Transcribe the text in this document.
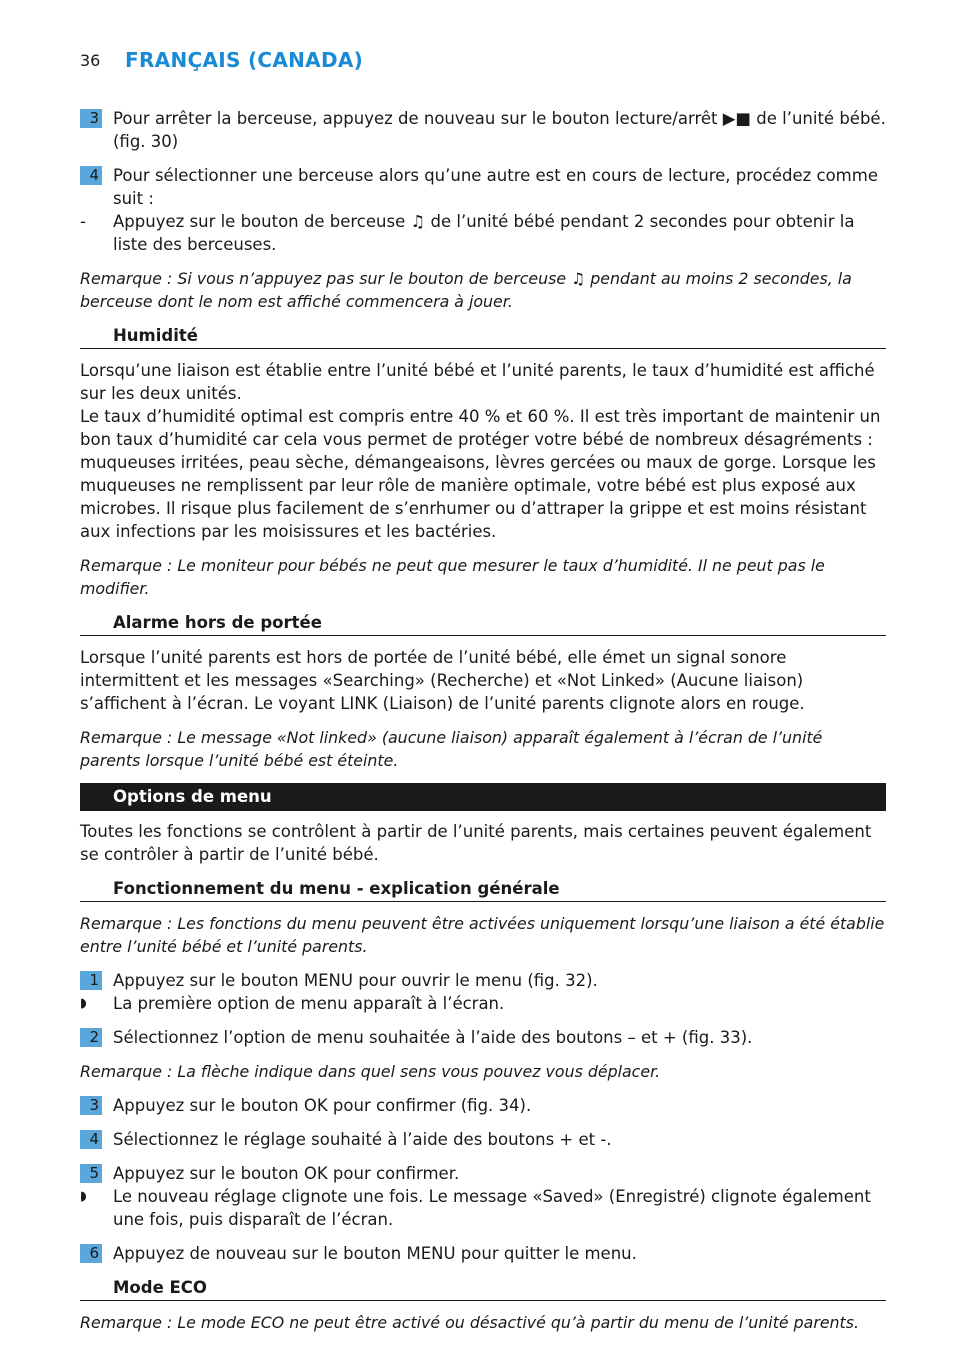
36 FRANÇAIS (CANADA)
3 Pour arrêter la berceuse, appuyez de nouveau sur le bouton lecture/arrêt ▶■ de l’unité bébé. (fig. 30)
4 Pour sélectionner une berceuse alors qu’une autre est en cours de lecture, procédez comme suit :
-	Appuyez sur le bouton de berceuse ♫ de l’unité bébé pendant 2 secondes pour obtenir la liste des berceuses.

Remarque : Si vous n’appuyez pas sur le bouton de berceuse ♫ pendant au moins 2 secondes, la berceuse dont le nom est affiché commencera à jouer.

Humidité

Lorsqu’une liaison est établie entre l’unité bébé et l’unité parents, le taux d’humidité est affiché sur les deux unités.

Le taux d’humidité optimal est compris entre 40 % et 60 %. Il est très important de maintenir un bon taux d’humidité car cela vous permet de protéger votre bébé de nombreux désagréments : muqueuses irritées, peau sèche, démangeaisons, lèvres gercées ou maux de gorge. Lorsque les muqueuses ne remplissent par leur rôle de manière optimale, votre bébé est plus exposé aux microbes. Il risque plus facilement de s’enrhumer ou d’attraper la grippe et est moins résistant aux infections par les moisissures et les bactéries.

Remarque : Le moniteur pour bébés ne peut que mesurer le taux d’humidité. Il ne peut pas le modifier.

Alarme hors de portée

Lorsque l’unité parents est hors de portée de l’unité bébé, elle émet un signal sonore intermittent et les messages «Searching» (Recherche) et «Not Linked» (Aucune liaison) s’affichent à l’écran. Le voyant LINK (Liaison) de l’unité parents clignote alors en rouge.

Remarque : Le message «Not linked» (aucune liaison) apparaît également à l’écran de l’unité parents lorsque l’unité bébé est éteinte.

Options de menu

Toutes les fonctions se contrôlent à partir de l’unité parents, mais certaines peuvent également se contrôler à partir de l’unité bébé.

Fonctionnement du menu - explication générale

Remarque : Les fonctions du menu peuvent être activées uniquement lorsqu’une liaison a été établie entre l’unité bébé et l’unité parents.

1 Appuyez sur le bouton MENU pour ouvrir le menu (fig. 32).
◗	La première option de menu apparaît à l’écran.
2 Sélectionnez l’option de menu souhaitée à l’aide des boutons – et + (fig. 33).

Remarque : La flèche indique dans quel sens vous pouvez vous déplacer.

3 Appuyez sur le bouton OK pour confirmer (fig. 34).
4 Sélectionnez le réglage souhaité à l’aide des boutons + et -.
5 Appuyez sur le bouton OK pour confirmer.
◗	Le nouveau réglage clignote une fois. Le message «Saved» (Enregistré) clignote également une fois, puis disparaît de l’écran.
6 Appuyez de nouveau sur le bouton MENU pour quitter le menu.
Mode ECO

Remarque : Le mode ECO ne peut être activé ou désactivé qu’à partir du menu de l’unité parents.
